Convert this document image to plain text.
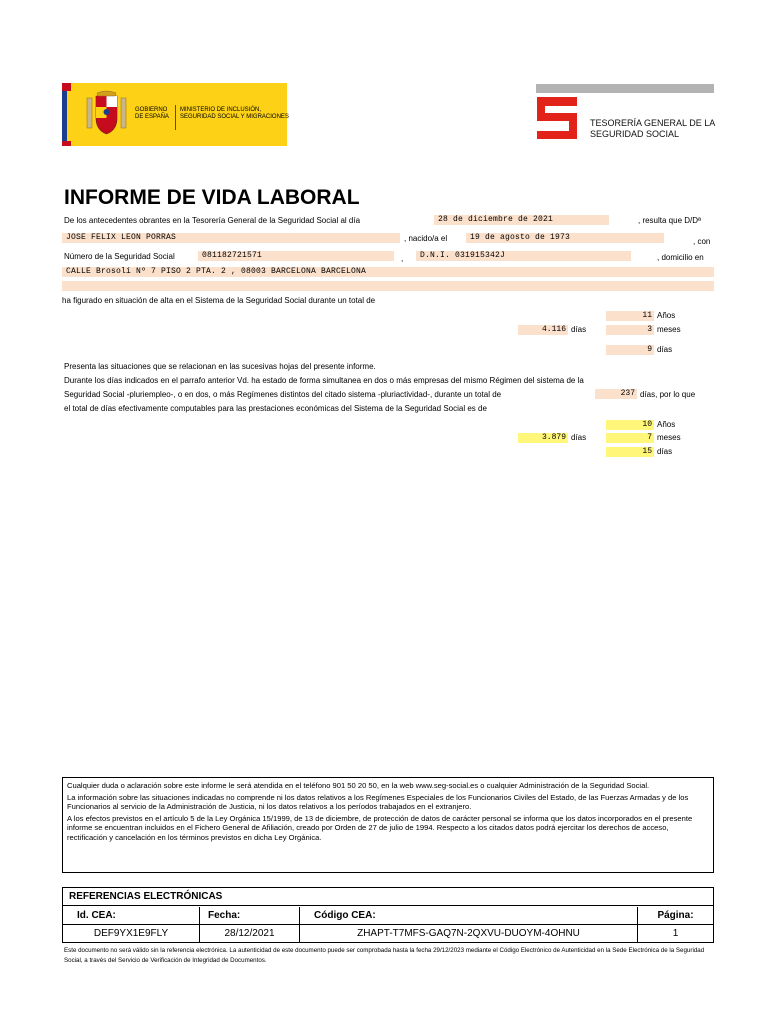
GOBIERNO DE ESPAÑA
MINISTERIO DE INCLUSIÓN, SEGURIDAD SOCIAL Y MIGRACIONES
TESORERÍA GENERAL DE LA SEGURIDAD SOCIAL
INFORME DE VIDA LABORAL
De los antecedentes obrantes en la Tesorería General de la Seguridad Social al día	28 de diciembre de 2021	, resulta que D/Dª
JOSE FELIX LEON PORRAS	, nacido/a el	19 de agosto de 1973	, con
Número de la Seguridad Social	081182721571	,	D.N.I. 031915342J	, domicilio en
CALLE Brosolí Nº 7 PISO 2 PTA. 2 , 08003 BARCELONA BARCELONA
ha figurado en situación de alta en el Sistema de la Seguridad Social durante un total de
11 Años
4.116 días	3 meses
9 días
Presenta las situaciones que se relacionan en las sucesivas hojas del presente informe.
Durante los días indicados en el parrafo anterior Vd. ha estado de forma simultanea en dos o más empresas del mismo Régimen del sistema de la
Seguridad Social -pluriempleo-, o en dos, o más Regímenes distintos del citado sistema -pluriactividad-, durante un total de	237 días, por lo que
el total de días efectivamente computables para las prestaciones económicas del Sistema de la Seguridad Social es de
10 Años
3.879 días	7 meses
15 días

Cualquier duda o aclaración sobre este informe le será atendida en el teléfono 901 50 20 50, en la web www.seg-social.es o cualquier Administración de la Seguridad Social.

La información sobre las situaciones indicadas no comprende ni los datos relativos a los Regímenes Especiales de los Funcionarios Civiles del Estado, de las Fuerzas Armadas y de los Funcionarios al servicio de la Administración de Justicia, ni los datos relativos a los períodos trabajados en el extranjero.

A los efectos previstos en el artículo 5 de la Ley Orgánica 15/1999, de 13 de diciembre, de protección de datos de carácter personal se informa que los datos incorporados en el presente informe se encuentran incluidos en el Fichero General de Afiliación, creado por Orden de 27 de julio de 1994. Respecto a los citados datos podrá ejercitar los derechos de acceso, rectificación y cancelación en los términos previstos en dicha Ley Orgánica.

REFERENCIAS ELECTRÓNICAS
Id. CEA:	Fecha:	Código CEA:	Página:
DEF9YX1E9FLY	28/12/2021	ZHAPT-T7MFS-GAQ7N-2QXVU-DUOYM-4OHNU	1
Este documento no será válido sin la referencia electrónica. La autenticidad de este documento puede ser comprobada hasta la fecha 29/12/2023 mediante el Código Electrónico de Autenticidad en la Sede Electrónica de la Seguridad Social, a través del Servicio de Verificación de Integridad de Documentos.
